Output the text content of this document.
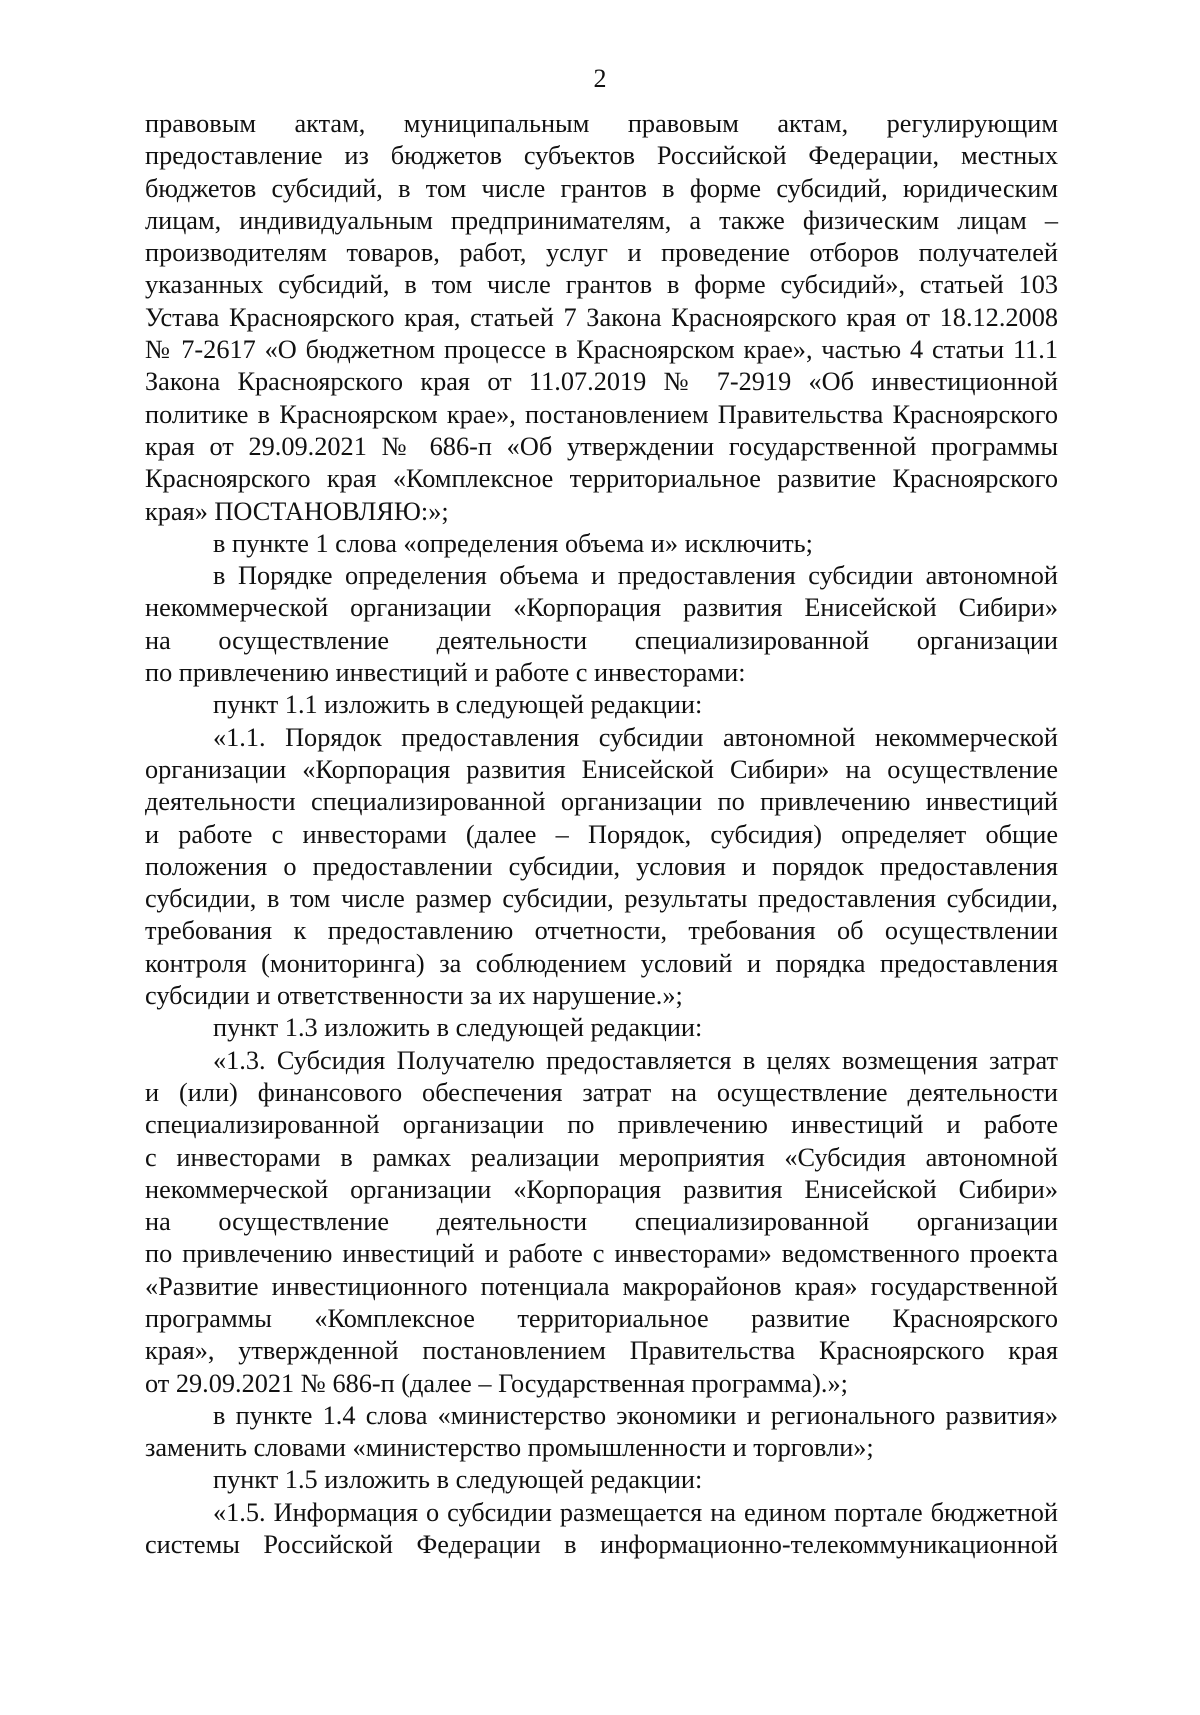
2
правовым актам, муниципальным правовым актам, регулирующим
предоставление из бюджетов субъектов Российской Федерации, местных
бюджетов субсидий, в том числе грантов в форме субсидий, юридическим
лицам, индивидуальным предпринимателям, а также физическим лицам –
производителям товаров, работ, услуг и проведение отборов получателей
указанных субсидий, в том числе грантов в форме субсидий», статьей 103
Устава Красноярского края, статьей 7 Закона Красноярского края от 18.12.2008
№ 7-2617 «О бюджетном процессе в Красноярском крае», частью 4 статьи 11.1
Закона Красноярского края от 11.07.2019 № 7-2919 «Об инвестиционной
политике в Красноярском крае», постановлением Правительства Красноярского
края от 29.09.2021 № 686-п «Об утверждении государственной программы
Красноярского края «Комплексное территориальное развитие Красноярского
края» ПОСТАНОВЛЯЮ:»;
в пункте 1 слова «определения объема и» исключить;
в Порядке определения объема и предоставления субсидии автономной
некоммерческой организации «Корпорация развития Енисейской Сибири»
на осуществление деятельности специализированной организации
по привлечению инвестиций и работе с инвесторами:
пункт 1.1 изложить в следующей редакции:
«1.1. Порядок предоставления субсидии автономной некоммерческой
организации «Корпорация развития Енисейской Сибири» на осуществление
деятельности специализированной организации по привлечению инвестиций
и работе с инвесторами (далее – Порядок, субсидия) определяет общие
положения о предоставлении субсидии, условия и порядок предоставления
субсидии, в том числе размер субсидии, результаты предоставления субсидии,
требования к предоставлению отчетности, требования об осуществлении
контроля (мониторинга) за соблюдением условий и порядка предоставления
субсидии и ответственности за их нарушение.»;
пункт 1.3 изложить в следующей редакции:
«1.3. Субсидия Получателю предоставляется в целях возмещения затрат
и (или) финансового обеспечения затрат на осуществление деятельности
специализированной организации по привлечению инвестиций и работе
с инвесторами в рамках реализации мероприятия «Субсидия автономной
некоммерческой организации «Корпорация развития Енисейской Сибири»
на осуществление деятельности специализированной организации
по привлечению инвестиций и работе с инвесторами» ведомственного проекта
«Развитие инвестиционного потенциала макрорайонов края» государственной
программы «Комплексное территориальное развитие Красноярского
края», утвержденной постановлением Правительства Красноярского края
от 29.09.2021 № 686-п (далее – Государственная программа).»;
в пункте 1.4 слова «министерство экономики и регионального развития»
заменить словами «министерство промышленности и торговли»;
пункт 1.5 изложить в следующей редакции:
«1.5. Информация о субсидии размещается на едином портале бюджетной
системы Российской Федерации в информационно-телекоммуникационной
